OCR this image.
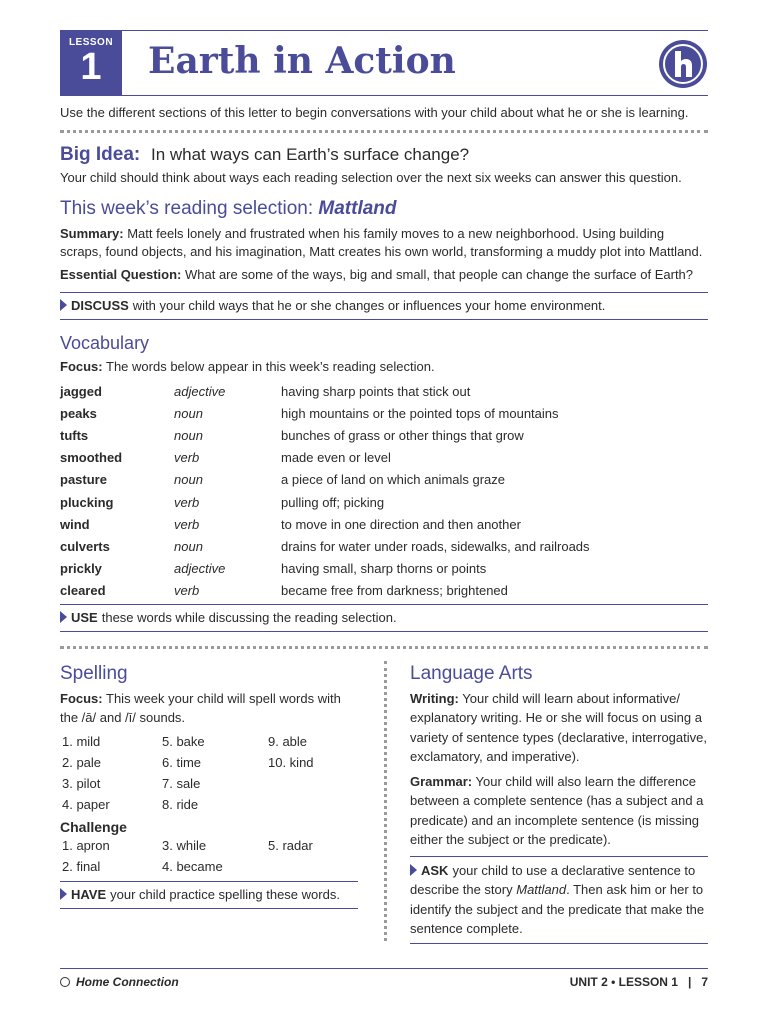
LESSON
1	Earth in Action
Use the different sections of this letter to begin conversations with your child about what he or she is learning.
Big Idea: In what ways can Earth’s surface change?
Your child should think about ways each reading selection over the next six weeks can answer this question.
This week’s reading selection: Mattland
Summary: Matt feels lonely and frustrated when his family moves to a new neighborhood. Using building scraps, found objects, and his imagination, Matt creates his own world, transforming a muddy plot into Mattland.
Essential Question: What are some of the ways, big and small, that people can change the surface of Earth?
DISCUSS with your child ways that he or she changes or influences your home environment.
Vocabulary
Focus: The words below appear in this week’s reading selection.
jagged	adjective	having sharp points that stick out
peaks	noun	high mountains or the pointed tops of mountains
tufts	noun	bunches of grass or other things that grow
smoothed	verb	made even or level
pasture	noun	a piece of land on which animals graze
plucking	verb	pulling off; picking
wind	verb	to move in one direction and then another
culverts	noun	drains for water under roads, sidewalks, and railroads
prickly	adjective	having small, sharp thorns or points
cleared	verb	became free from darkness; brightened
USE these words while discussing the reading selection.
Spelling
Focus: This week your child will spell words with the /ā/ and /ī/ sounds.
1. mild	5. bake	9. able
2. pale	6. time	10. kind
3. pilot	7. sale	
4. paper	8. ride	
Challenge
1. apron	3. while	5. radar
2. final	4. became	
HAVE your child practice spelling these words.
Language Arts
Writing: Your child will learn about informative/ explanatory writing. He or she will focus on using a variety of sentence types (declarative, interrogative, exclamatory, and imperative).
Grammar: Your child will also learn the difference between a complete sentence (has a subject and a predicate) and an incomplete sentence (is missing either the subject or the predicate).
ASK your child to use a declarative sentence to describe the story Mattland. Then ask him or her to identify the subject and the predicate that make the sentence complete.
Home Connection	UNIT 2 • LESSON 1   |   7
